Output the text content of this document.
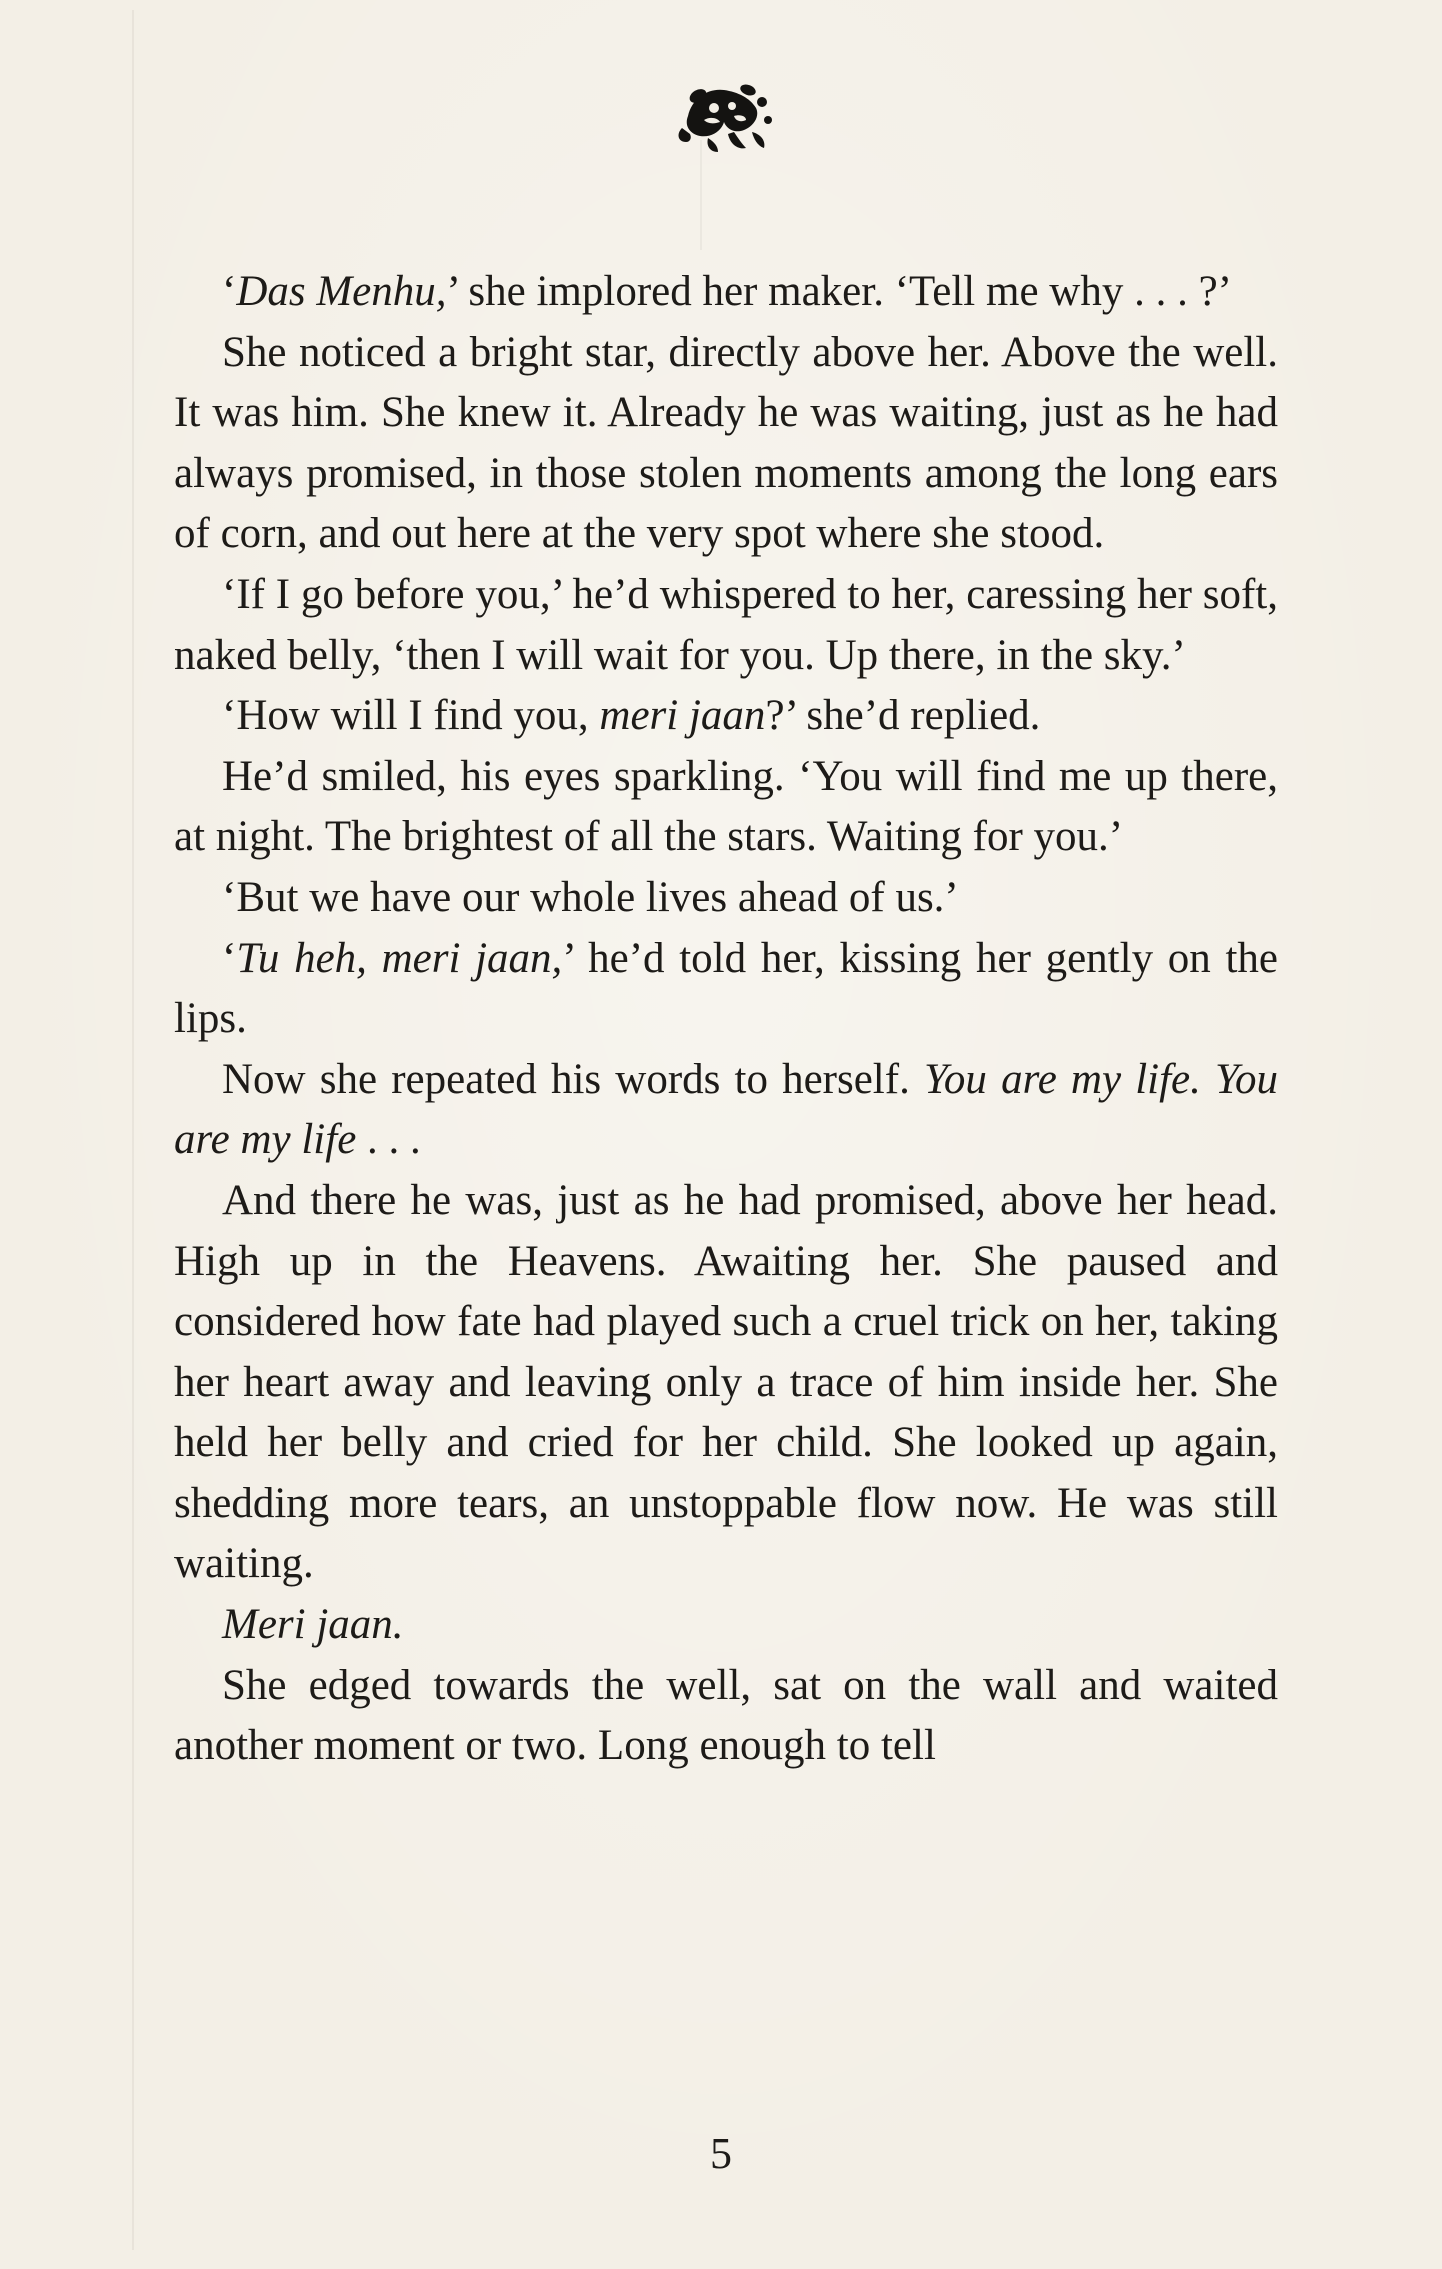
‘Das Menhu,’ she implored her maker. ‘Tell me why . . . ?’

She noticed a bright star, directly above her. Above the well. It was him. She knew it. Already he was waiting, just as he had always promised, in those stolen moments among the long ears of corn, and out here at the very spot where she stood.

‘If I go before you,’ he’d whispered to her, caressing her soft, naked belly, ‘then I will wait for you. Up there, in the sky.’

‘How will I find you, meri jaan?’ she’d replied.

He’d smiled, his eyes sparkling. ‘You will find me up there, at night. The brightest of all the stars. Waiting for you.’

‘But we have our whole lives ahead of us.’

‘Tu heh, meri jaan,’ he’d told her, kissing her gently on the lips.

Now she repeated his words to herself. You are my life. You are my life . . .

And there he was, just as he had promised, above her head. High up in the Heavens. Awaiting her. She paused and considered how fate had played such a cruel trick on her, taking her heart away and leaving only a trace of him inside her. She held her belly and cried for her child. She looked up again, shedding more tears, an unstoppable flow now. He was still waiting.

Meri jaan.

She edged towards the well, sat on the wall and waited another moment or two. Long enough to tell

5
